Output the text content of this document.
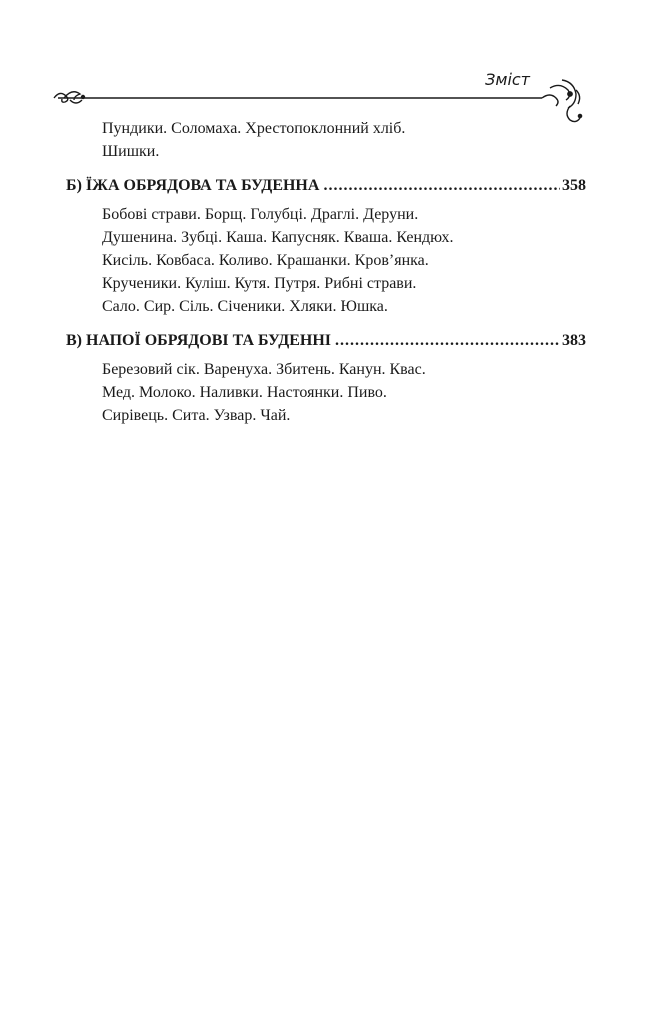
Зміст
Пундики. Соломаха. Хрестопоклонний хліб.
Шишки.
Б) ЇЖА ОБРЯДОВА ТА БУДЕННА .....	358
Бобові страви. Борщ. Голубці. Драглі. Деруни.
Душенина. Зубці. Каша. Капусняк. Кваша. Кендюх.
Кисіль. Ковбаса. Коливо. Крашанки. Кров’янка.
Крученики. Куліш. Кутя. Путря. Рибні страви.
Сало. Сир. Сіль. Січеники. Хляки. Юшка.
В) НАПОЇ ОБРЯДОВІ ТА БУДЕННІ .....	383
Березовий сік. Варенуха. Збитень. Канун. Квас.
Мед. Молоко. Наливки. Настоянки. Пиво.
Сирівець. Сита. Узвар. Чай.
